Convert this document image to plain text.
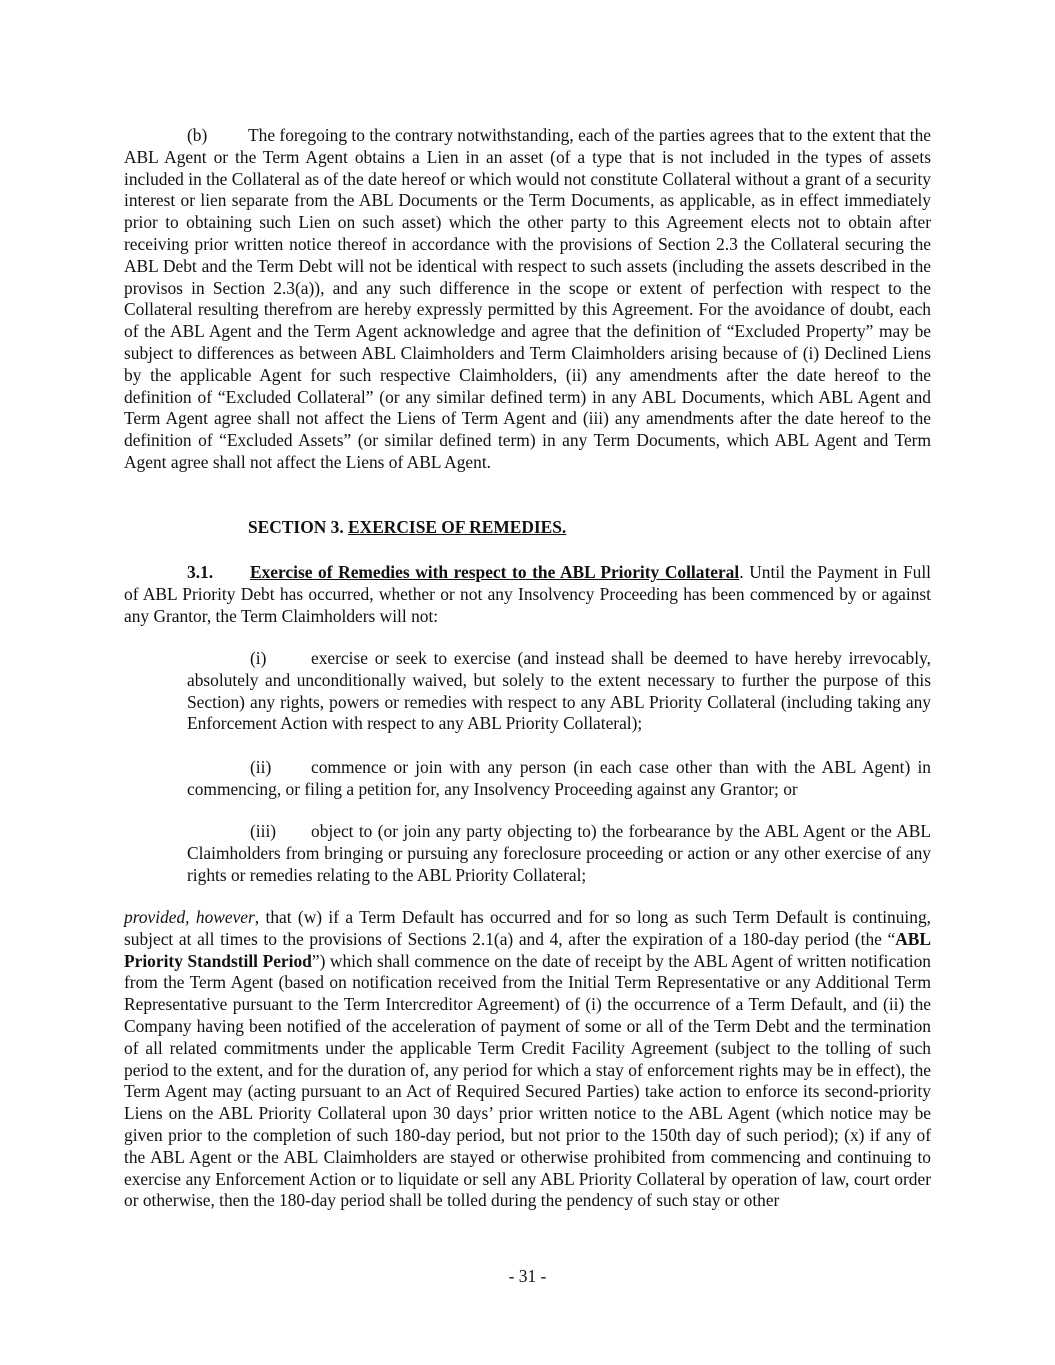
(b) The foregoing to the contrary notwithstanding, each of the parties agrees that to the extent that the ABL Agent or the Term Agent obtains a Lien in an asset (of a type that is not included in the types of assets included in the Collateral as of the date hereof or which would not constitute Collateral without a grant of a security interest or lien separate from the ABL Documents or the Term Documents, as applicable, as in effect immediately prior to obtaining such Lien on such asset) which the other party to this Agreement elects not to obtain after receiving prior written notice thereof in accordance with the provisions of Section 2.3 the Collateral securing the ABL Debt and the Term Debt will not be identical with respect to such assets (including the assets described in the provisos in Section 2.3(a)), and any such difference in the scope or extent of perfection with respect to the Collateral resulting therefrom are hereby expressly permitted by this Agreement. For the avoidance of doubt, each of the ABL Agent and the Term Agent acknowledge and agree that the definition of “Excluded Property” may be subject to differences as between ABL Claimholders and Term Claimholders arising because of (i) Declined Liens by the applicable Agent for such respective Claimholders, (ii) any amendments after the date hereof to the definition of “Excluded Collateral” (or any similar defined term) in any ABL Documents, which ABL Agent and Term Agent agree shall not affect the Liens of Term Agent and (iii) any amendments after the date hereof to the definition of “Excluded Assets” (or similar defined term) in any Term Documents, which ABL Agent and Term Agent agree shall not affect the Liens of ABL Agent.

SECTION 3. EXERCISE OF REMEDIES.

3.1. Exercise of Remedies with respect to the ABL Priority Collateral. Until the Payment in Full of ABL Priority Debt has occurred, whether or not any Insolvency Proceeding has been commenced by or against any Grantor, the Term Claimholders will not:

(i)	exercise or seek to exercise (and instead shall be deemed to have hereby irrevocably, absolutely and unconditionally waived, but solely to the extent necessary to further the purpose of this Section) any rights, powers or remedies with respect to any ABL Priority Collateral (including taking any Enforcement Action with respect to any ABL Priority Collateral);

(ii) commence or join with any person (in each case other than with the ABL Agent) in commencing, or filing a petition for, any Insolvency Proceeding against any Grantor; or

(iii) object to (or join any party objecting to) the forbearance by the ABL Agent or the ABL Claimholders from bringing or pursuing any foreclosure proceeding or action or any other exercise of any rights or remedies relating to the ABL Priority Collateral;

provided, however, that (w) if a Term Default has occurred and for so long as such Term Default is continuing, subject at all times to the provisions of Sections 2.1(a) and 4, after the expiration of a 180-day period (the “ABL Priority Standstill Period”) which shall commence on the date of receipt by the ABL Agent of written notification from the Term Agent (based on notification received from the Initial Term Representative or any Additional Term Representative pursuant to the Term Intercreditor Agreement) of (i) the occurrence of a Term Default, and (ii) the Company having been notified of the acceleration of payment of some or all of the Term Debt and the termination of all related commitments under the applicable Term Credit Facility Agreement (subject to the tolling of such period to the extent, and for the duration of, any period for which a stay of enforcement rights may be in effect), the Term Agent may (acting pursuant to an Act of Required Secured Parties) take action to enforce its second-priority Liens on the ABL Priority Collateral upon 30 days’ prior written notice to the ABL Agent (which notice may be given prior to the completion of such 180-day period, but not prior to the 150th day of such period); (x) if any of the ABL Agent or the ABL Claimholders are stayed or otherwise prohibited from commencing and continuing to exercise any Enforcement Action or to liquidate or sell any ABL Priority Collateral by operation of law, court order or otherwise, then the 180-day period shall be tolled during the pendency of such stay or other

- 31 -
